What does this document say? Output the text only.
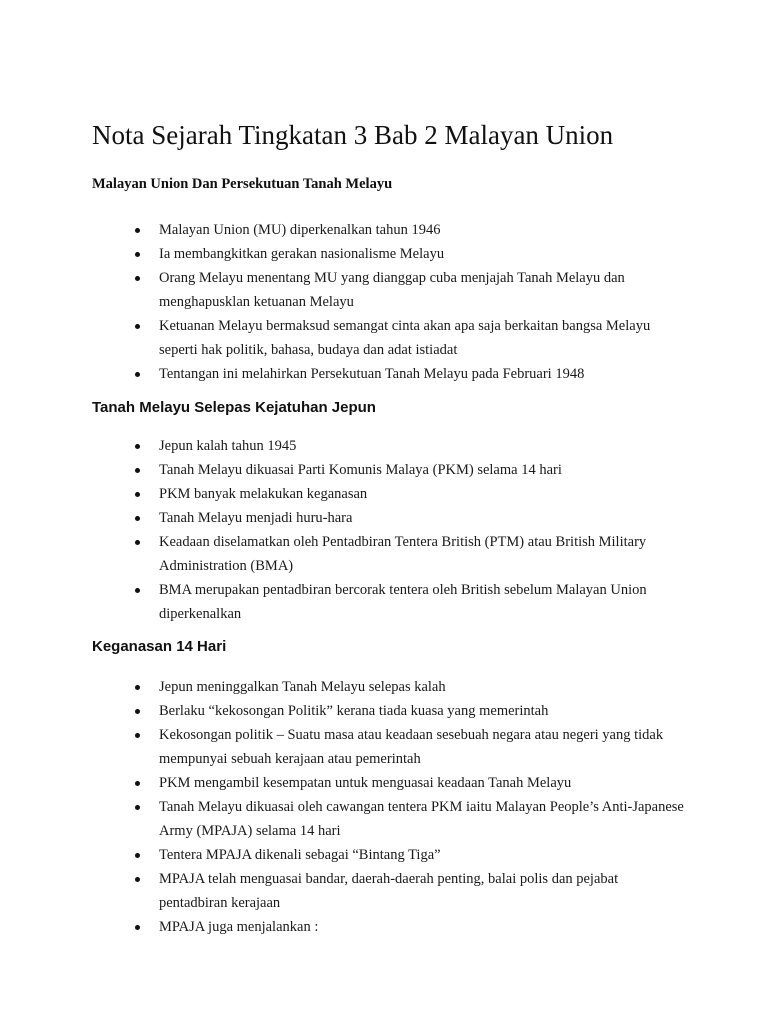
Nota Sejarah Tingkatan 3 Bab 2 Malayan Union
Malayan Union Dan Persekutuan Tanah Melayu
Malayan Union (MU) diperkenalkan tahun 1946
Ia membangkitkan gerakan nasionalisme Melayu
Orang Melayu menentang MU yang dianggap cuba menjajah Tanah Melayu dan menghapusklan ketuanan Melayu
Ketuanan Melayu bermaksud semangat cinta akan apa saja berkaitan bangsa Melayu seperti hak politik, bahasa, budaya dan adat istiadat
Tentangan ini melahirkan Persekutuan Tanah Melayu pada Februari 1948
Tanah Melayu Selepas Kejatuhan Jepun
Jepun kalah tahun 1945
Tanah Melayu dikuasai Parti Komunis Malaya (PKM) selama 14 hari
PKM banyak melakukan keganasan
Tanah Melayu menjadi huru-hara
Keadaan diselamatkan oleh Pentadbiran Tentera British (PTM) atau British Military Administration (BMA)
BMA merupakan pentadbiran bercorak tentera oleh British sebelum Malayan Union diperkenalkan
Keganasan 14 Hari
Jepun meninggalkan Tanah Melayu selepas kalah
Berlaku “kekosongan Politik” kerana tiada kuasa yang memerintah
Kekosongan politik – Suatu masa atau keadaan sesebuah negara atau negeri yang tidak mempunyai sebuah kerajaan atau pemerintah
PKM mengambil kesempatan untuk menguasai keadaan Tanah Melayu
Tanah Melayu dikuasai oleh cawangan tentera PKM iaitu Malayan People’s Anti-Japanese Army (MPAJA) selama 14 hari
Tentera MPAJA dikenali sebagai “Bintang Tiga”
MPAJA telah menguasai bandar, daerah-daerah penting, balai polis dan pejabat pentadbiran kerajaan
MPAJA juga menjalankan :
